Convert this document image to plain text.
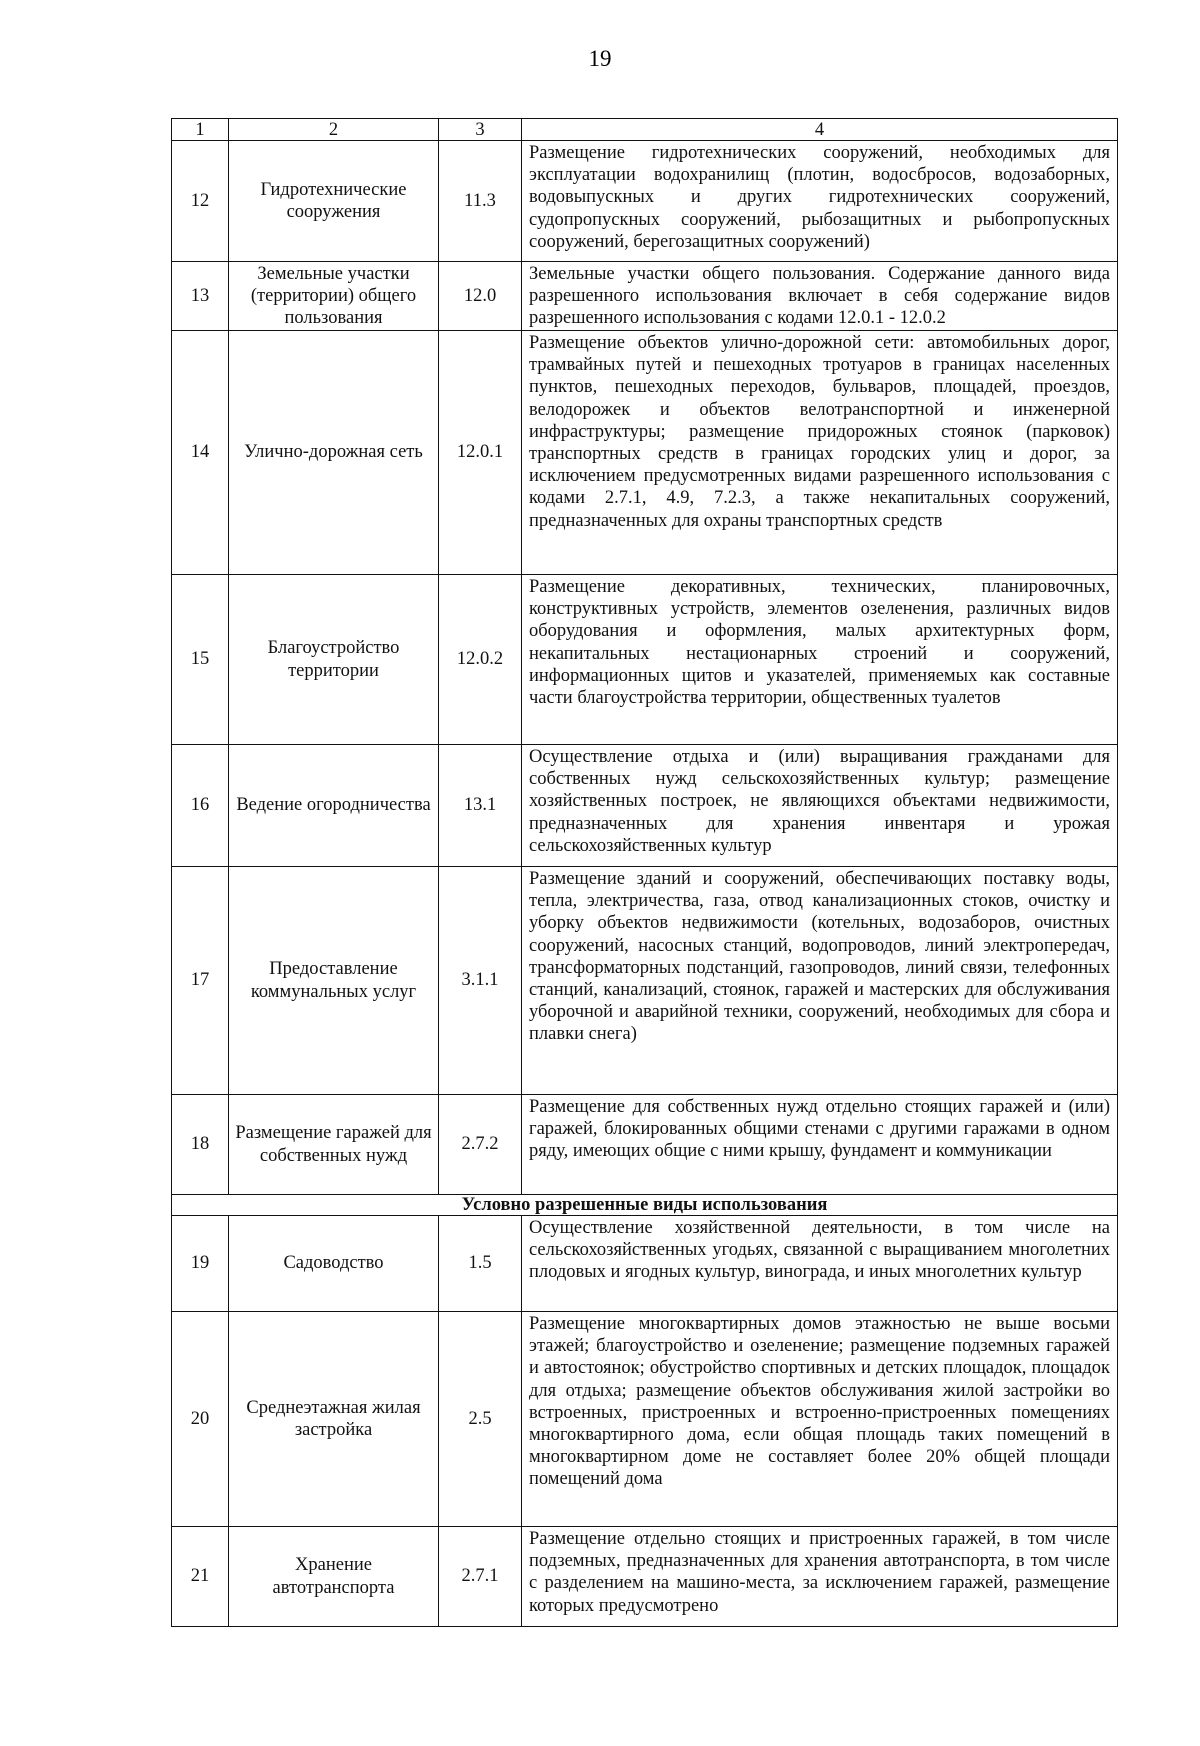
19
1	2	3	4
12	Гидротехнические сооружения	11.3	Размещение гидротехнических сооружений, необходимых для эксплуатации водохранилищ (плотин, водосбросов, водозаборных, водовыпускных и других гидротехнических сооружений, судопропускных сооружений, рыбозащитных и рыбопропускных сооружений, берегозащитных сооружений)
13	Земельные участки (территории) общего пользования	12.0	Земельные участки общего пользования. Содержание данного вида разрешенного использования включает в себя содержание видов разрешенного использования с кодами 12.0.1 - 12.0.2
14	Улично-дорожная сеть	12.0.1	Размещение объектов улично-дорожной сети: автомобильных дорог, трамвайных путей и пешеходных тротуаров в границах населенных пунктов, пешеходных переходов, бульваров, площадей, проездов, велодорожек и объектов велотранспортной и инженерной инфраструктуры; размещение придорожных стоянок (парковок) транспортных средств в границах городских улиц и дорог, за исключением предусмотренных видами разрешенного использования с кодами 2.7.1, 4.9, 7.2.3, а также некапитальных сооружений, предназначенных для охраны транспортных средств
15	Благоустройство территории	12.0.2	Размещение декоративных, технических, планировочных, конструктивных устройств, элементов озеленения, различных видов оборудования и оформления, малых архитектурных форм, некапитальных нестационарных строений и сооружений, информационных щитов и указателей, применяемых как составные части благоустройства территории, общественных туалетов
16	Ведение огородничества	13.1	Осуществление отдыха и (или) выращивания гражданами для собственных нужд сельскохозяйственных культур; размещение хозяйственных построек, не являющихся объектами недвижимости, предназначенных для хранения инвентаря и урожая сельскохозяйственных культур
17	Предоставление коммунальных услуг	3.1.1	Размещение зданий и сооружений, обеспечивающих поставку воды, тепла, электричества, газа, отвод канализационных стоков, очистку и уборку объектов недвижимости (котельных, водозаборов, очистных сооружений, насосных станций, водопроводов, линий электропередач, трансформаторных подстанций, газопроводов, линий связи, телефонных станций, канализаций, стоянок, гаражей и мастерских для обслуживания уборочной и аварийной техники, сооружений, необходимых для сбора и плавки снега)
18	Размещение гаражей для собственных нужд	2.7.2	Размещение для собственных нужд отдельно стоящих гаражей и (или) гаражей, блокированных общими стенами с другими гаражами в одном ряду, имеющих общие с ними крышу, фундамент и коммуникации
Условно разрешенные виды использования			
19	Садоводство	1.5	Осуществление хозяйственной деятельности, в том числе на сельскохозяйственных угодьях, связанной с выращиванием многолетних плодовых и ягодных культур, винограда, и иных многолетних культур
20	Среднеэтажная жилая застройка	2.5	Размещение многоквартирных домов этажностью не выше восьми этажей; благоустройство и озеленение; размещение подземных гаражей и автостоянок; обустройство спортивных и детских площадок, площадок для отдыха; размещение объектов обслуживания жилой застройки во встроенных, пристроенных и встроенно-пристроенных помещениях многоквартирного дома, если общая площадь таких помещений в многоквартирном доме не составляет более 20% общей площади помещений дома
21	Хранение автотранспорта	2.7.1	Размещение отдельно стоящих и пристроенных гаражей, в том числе подземных, предназначенных для хранения автотранспорта, в том числе с разделением на машино-места, за исключением гаражей, размещение которых предусмотрено
